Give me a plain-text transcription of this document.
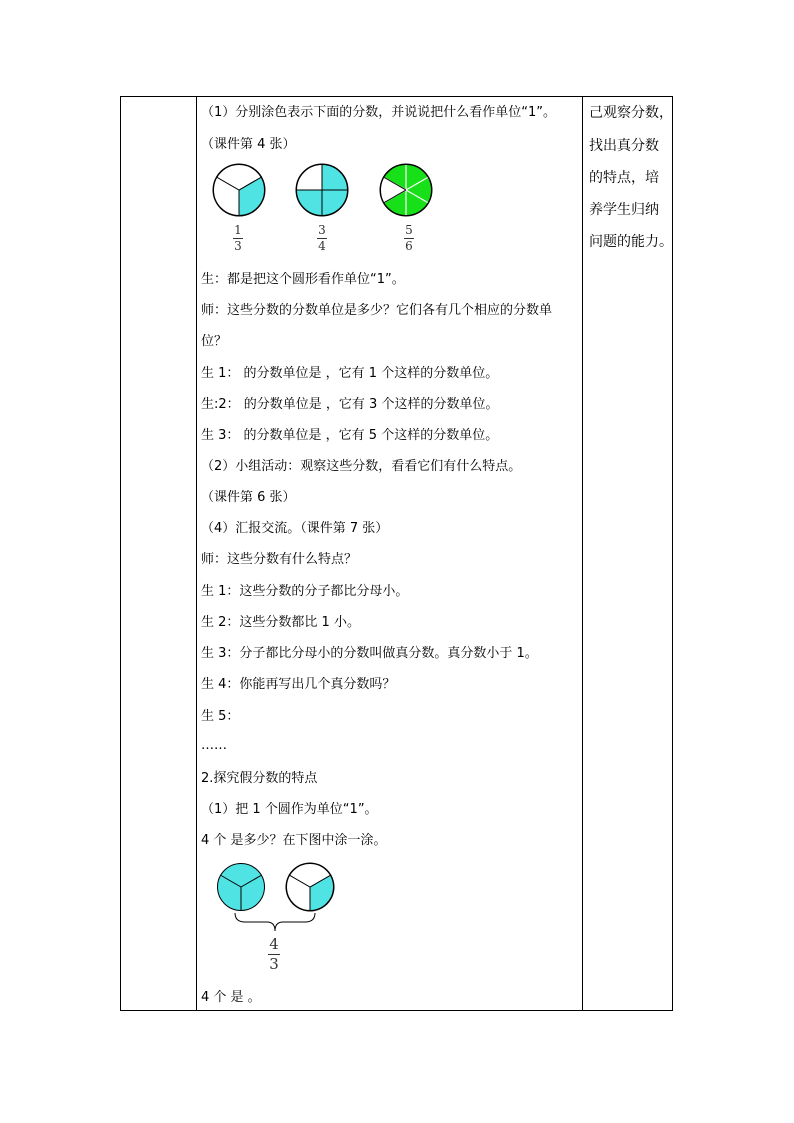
（1）分别涂色表示下面的分数，并说说把什么看作单位“1”。
（课件第 4 张）
1
3
3
4
5
6
生：都是把这个圆形看作单位“1”。
师：这些分数的分数单位是多少？它们各有几个相应的分数单
位？
生 1： 的分数单位是 ，它有 1 个这样的分数单位。
生:2： 的分数单位是 ，它有 3 个这样的分数单位。
生 3： 的分数单位是 ，它有 5 个这样的分数单位。
（2）小组活动：观察这些分数，看看它们有什么特点。
（课件第 6 张）
（4）汇报交流。（课件第 7 张）
师：这些分数有什么特点？
生 1：这些分数的分子都比分母小。
生 2：这些分数都比 1 小。
生 3：分子都比分母小的分数叫做真分数。真分数小于 1。
生 4：你能再写出几个真分数吗？
生 5：
……
2.探究假分数的特点
（1）把 1 个圆作为单位“1”。
4 个 是多少？在下图中涂一涂。
4
3
4 个 是 。
己观察分数，
找出真分数
的特点，培
养学生归纳
问题的能力。
